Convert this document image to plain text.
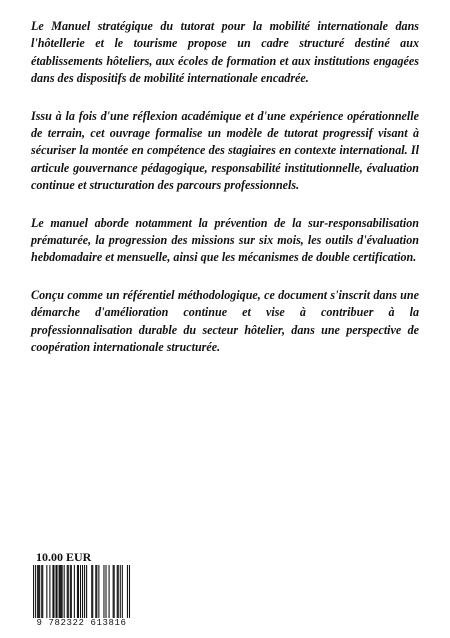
Le Manuel stratégique du tutorat pour la mobilité internationale dans l'hôtellerie et le tourisme propose un cadre structuré destiné aux établissements hôteliers, aux écoles de formation et aux institutions engagées dans des dispositifs de mobilité internationale encadrée.

Issu à la fois d'une réflexion académique et d'une expérience opérationnelle de terrain, cet ouvrage formalise un modèle de tutorat progressif visant à sécuriser la montée en compétence des stagiaires en contexte international. Il articule gouvernance pédagogique, responsabilité institutionnelle, évaluation continue et structuration des parcours professionnels.

Le manuel aborde notamment la prévention de la sur-responsabilisation prématurée, la progression des missions sur six mois, les outils d'évaluation hebdomadaire et mensuelle, ainsi que les mécanismes de double certification.

Conçu comme un référentiel méthodologique, ce document s'inscrit dans une démarche d'amélioration continue et vise à contribuer à la professionnalisation durable du secteur hôtelier, dans une perspective de coopération internationale structurée.

10.00 EUR
9 782322 613816
